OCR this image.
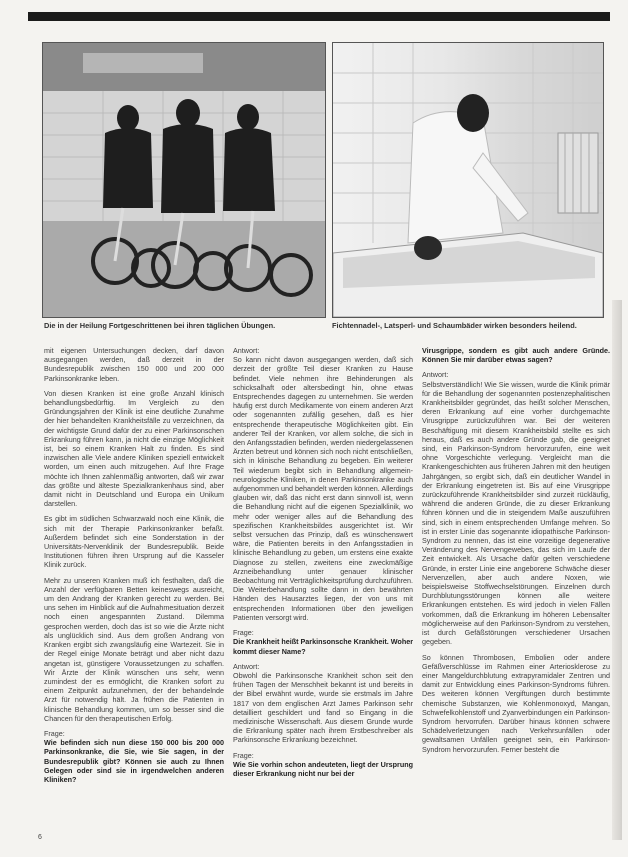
Die in der Heilung Fortgeschrittenen bei ihren täglichen Übungen.	Fichtennadel-, Latsperl- und Schaumbäder wirken besonders heilend.

mit eigenen Untersuchungen decken, darf davon ausgegangen werden, daß derzeit in der Bundesrepublik zwischen 150 000 und 200 000 Parkinsonkranke leben.

Von diesen Kranken ist eine große Anzahl klinisch behandlungsbedürftig. Im Vergleich zu den Gründungsjahren der Klinik ist eine deutliche Zunahme der hier behandelten Krankheitsfälle zu verzeichnen, da der wichtigste Grund dafür der zu einer Parkinsonschen Erkrankung führen kann, ja nicht die einzige Möglichkeit ist, bei so einem Kranken Halt zu finden. Es sind inzwischen alle Viele andere Kliniken speziell entwickelt worden, um einen auch mitzugehen. Auf Ihre Frage möchte ich Ihnen zahlenmäßig antworten, daß wir zwar das größte und älteste Spezialkrankenhaus sind, aber damit nicht in Deutschland und Europa ein Unikum darstellen.

Es gibt im südlichen Schwarzwald noch eine Klinik, die sich mit der Therapie Parkinsonkranker befaßt. Außerdem befindet sich eine Sonderstation in der Universitäts-Nervenklinik der Bundesrepublik. Beide Institutionen führen ihren Ursprung auf die Kasseler Klinik zurück.

Mehr zu unseren Kranken muß ich festhalten, daß die Anzahl der verfügbaren Betten keineswegs ausreicht, um den Andrang der Kranken gerecht zu werden. Bei uns sehen im Hinblick auf die Aufnahmesituation derzeit noch einen angespannten Zustand. Dilemma gesprochen werden, doch das ist so wie die Ärzte nicht als unglücklich sind. Aus dem großen Andrang von Kranken ergibt sich zwangsläufig eine Wartezeit. Sie in der Regel einige Monate beträgt und aber nicht dazu angetan ist, günstigere Voraussetzungen zu schaffen. Wir Ärzte der Klinik wünschen uns sehr, wenn zumindest der es ermöglicht, die Kranken sofort zu einem Zeitpunkt aufzunehmen, der der behandelnde Arzt für notwendig hält. Ja frühen die Patienten in klinische Behandlung kommen, um so besser sind die Chancen für den therapeutischen Erfolg.

Frage:

Wie befinden sich nun diese 150 000 bis 200 000 Parkinsonkranke, die Sie, wie Sie sagen, in der Bundesrepublik gibt? Können sie auch zu Ihnen Gelegen oder sind sie in irgendwelchen anderen Kliniken?

Antwort:

So kann nicht davon ausgegangen werden, daß sich derzeit der größte Teil dieser Kranken zu Hause befindet. Viele nehmen ihre Behinderungen als schicksalhaft oder altersbedingt hin, ohne etwas Entsprechendes dagegen zu unternehmen. Sie werden häufig erst durch Medikamente von einem anderen Arzt oder sogenannten zufällig gesehen, daß es hier entsprechende therapeutische Möglichkeiten gibt. Ein anderer Teil der Kranken, vor allem solche, die sich in den Anfangsstadien befinden, werden niedergelassenen Ärzten betreut und können sich noch nicht entschließen, sich in klinische Behandlung zu begeben. Ein weiterer Teil wiederum begibt sich in Behandlung allgemein-neurologische Kliniken, in denen Parkinsonkranke auch aufgenommen und behandelt werden können. Allerdings glauben wir, daß das nicht erst dann sinnvoll ist, wenn die Behandlung nicht auf die eigenen Spezialklinik, wo mehr oder weniger alles auf die Behandlung des spezifischen Krankheitsbildes ausgerichtet ist. Wir selbst versuchen das Prinzip, daß es wünschenswert wäre, die Patienten bereits in den Anfangsstadien in klinische Behandlung zu geben, um erstens eine exakte Diagnose zu stellen, zweitens eine zweckmäßige Arzneibehandlung unter genauer klinischer Beobachtung mit Verträglichkeitsprüfung durchzuführen. Die Weiterbehandlung sollte dann in den bewährten Händen des Hausarztes liegen, der von uns mit entsprechenden Informationen über den jeweiligen Patienten versorgt wird.

Frage:

Die Krankheit heißt Parkinsonsche Krankheit. Woher kommt dieser Name?

Antwort:

Obwohl die Parkinsonsche Krankheit schon seit den frühen Tagen der Menschheit bekannt ist und bereits in der Bibel erwähnt wurde, wurde sie erstmals im Jahre 1817 von dem englischen Arzt James Parkinson sehr detailliert geschildert und fand so Eingang in die medizinische Wissenschaft. Aus diesem Grunde wurde die Erkrankung später nach ihrem Erstbeschreiber als Parkinsonsche Erkrankung bezeichnet.

Frage:

Wie Sie vorhin schon andeuteten, liegt der Ursprung dieser Erkrankung nicht nur bei der

Virusgrippe, sondern es gibt auch andere Gründe. Können Sie mir darüber etwas sagen?

Antwort:

Selbstverständlich! Wie Sie wissen, wurde die Klinik primär für die Behandlung der sogenannten postenzephalitischen Krankheitsbilder gegründet, das heißt solcher Menschen, deren Erkrankung auf eine vorher durchgemachte Virusgrippe zurückzuführen war. Bei der weiteren Beschäftigung mit diesem Krankheitsbild stellte es sich heraus, daß es auch andere Gründe gab, die geeignet sind, ein Parkinson-Syndrom hervorzurufen, eine weit ohne Vorgeschichte verlegung. Vergleicht man die Krankengeschichten aus früheren Jahren mit den heutigen Jahrgängen, so ergibt sich, daß ein deutlicher Wandel in der Erkrankung eingetreten ist. Bis auf eine Virusgrippe zurückzuführende Krankheitsbilder sind zurzeit rückläufig, während die anderen Gründe, die zu dieser Erkrankung führen können und die in steigendem Maße auszuführen sind, sich in einem entsprechenden Umfange mehren. So ist in erster Linie das sogenannte idiopathische Parkinson-Syndrom zu nennen, das ist eine vorzeitige degenerative Veränderung des Nervengewebes, das sich im Laufe der Zeit entwickelt. Als Ursache dafür gelten verschiedene Gründe, in erster Linie eine angeborene Schwäche dieser Nervenzellen, aber auch andere Noxen, wie beispielsweise Stoffwechselstörungen. Einzelnen durch Durchblutungsstörungen können alle weitere Erkrankungen entstehen. Es wird jedoch in vielen Fällen vorkommen, daß die Erkrankung im höheren Lebensalter möglicherweise auf den Parkinson-Syndrom zu verstehen, ist durch Gefäßstörungen verschiedener Ursachen gegeben.

So können Thrombosen, Embolien oder andere Gefäßverschlüsse im Rahmen einer Arteriosklerose zu einer Mangeldurchblutung extrapyramidaler Zentren und damit zur Entwicklung eines Parkinson-Syndroms führen. Des weiteren können Vergiftungen durch bestimmte chemische Substanzen, wie Kohlenmonoxyd, Mangan, Schwefelkohlenstoff und Zyanverbindungen ein Parkinson-Syndrom hervorrufen. Darüber hinaus können schwere Schädelverletzungen nach Verkehrsunfällen oder gewaltsamen Unfällen geeignet sein, ein Parkinson-Syndrom hervorzurufen. Ferner besteht die

6
